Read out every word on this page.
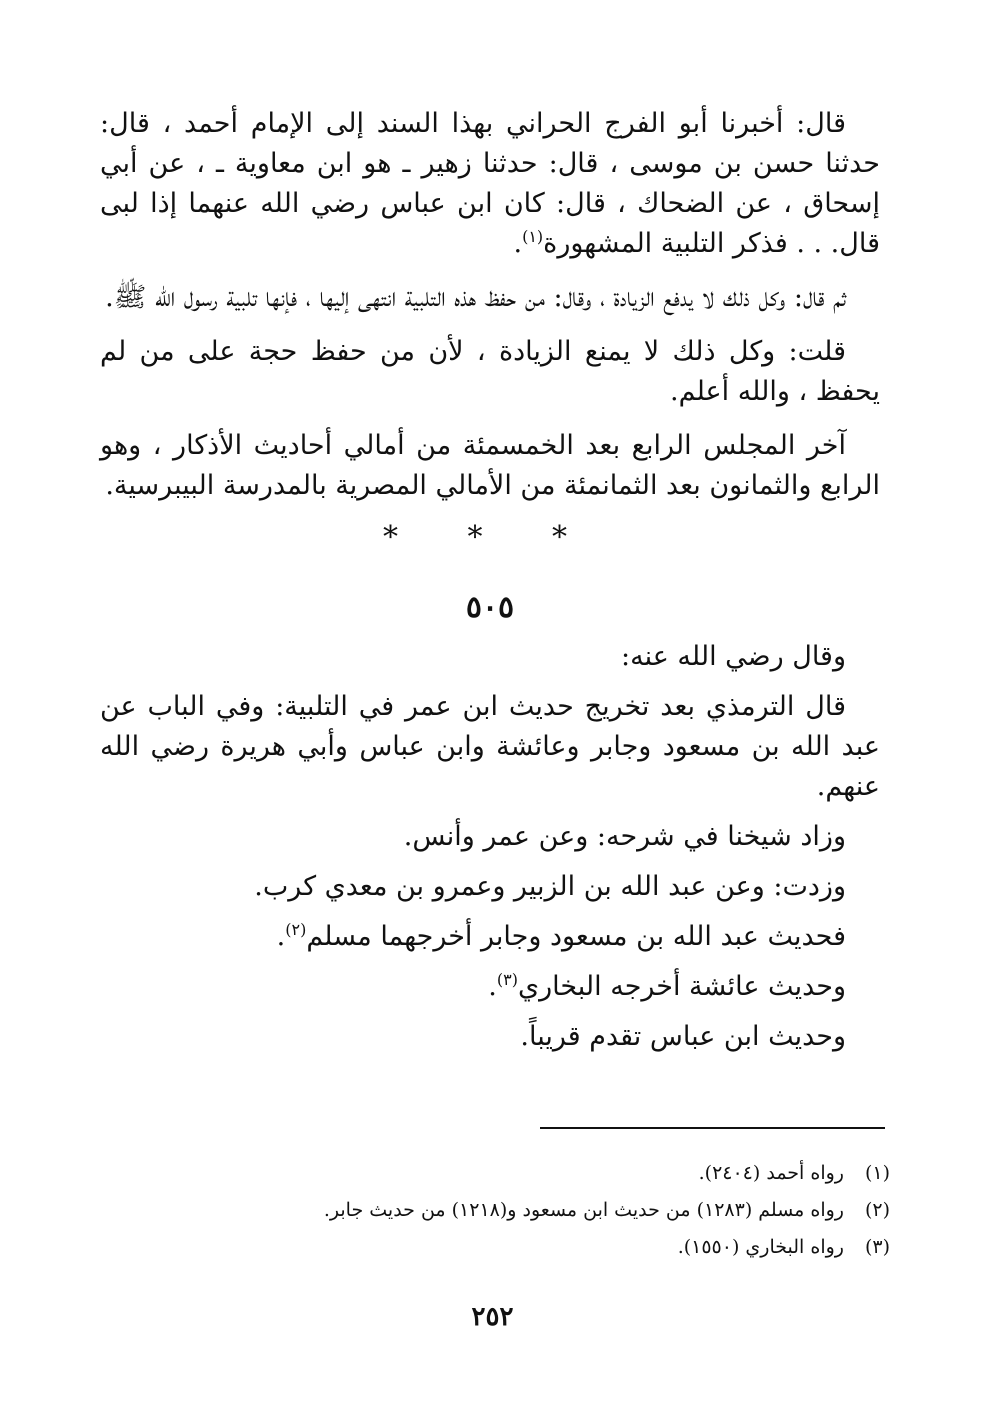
قال: أخبرنا أبو الفرج الحراني بهذا السند إلى الإمام أحمد ، قال: حدثنا حسن بن موسى ، قال: حدثنا زهير ـ هو ابن معاوية ـ ، عن أبي إسحاق ، عن الضحاك ، قال: كان ابن عباس رضي الله عنهما إذا لبى قال. . . فذكر التلبية المشهورة$^{(١)}$.

ثم قال: وكل ذلك لا يدفع الزيادة ، وقال: من حفظ هذه التلبية انتهى إليها ، فإنها تلبية رسول الله ﷺ.

قلت: وكل ذلك لا يمنع الزيادة ، لأن من حفظ حجة على من لم يحفظ ، والله أعلم.

آخر المجلس الرابع بعد الخمسمئة من أمالي أحاديث الأذكار ، وهو الرابع والثمانون بعد الثمانمئة من الأمالي المصرية بالمدرسة البيبرسية.

* * *
٥٠٥

وقال رضي الله عنه:

قال الترمذي بعد تخريج حديث ابن عمر في التلبية: وفي الباب عن عبد الله بن مسعود وجابر وعائشة وابن عباس وأبي هريرة رضي الله عنهم.

وزاد شيخنا في شرحه: وعن عمر وأنس.

وزدت: وعن عبد الله بن الزبير وعمرو بن معدي كرب.

فحديث عبد الله بن مسعود وجابر أخرجهما مسلم$^{(٢)}$.

وحديث عائشة أخرجه البخاري$^{(٣)}$.

وحديث ابن عباس تقدم قريباً.

(١) رواه أحمد (٢٤٠٤).
(٢) رواه مسلم (١٢٨٣) من حديث ابن مسعود و(١٢١٨) من حديث جابر.
(٣) رواه البخاري (١٥٥٠).
٢٥٢
